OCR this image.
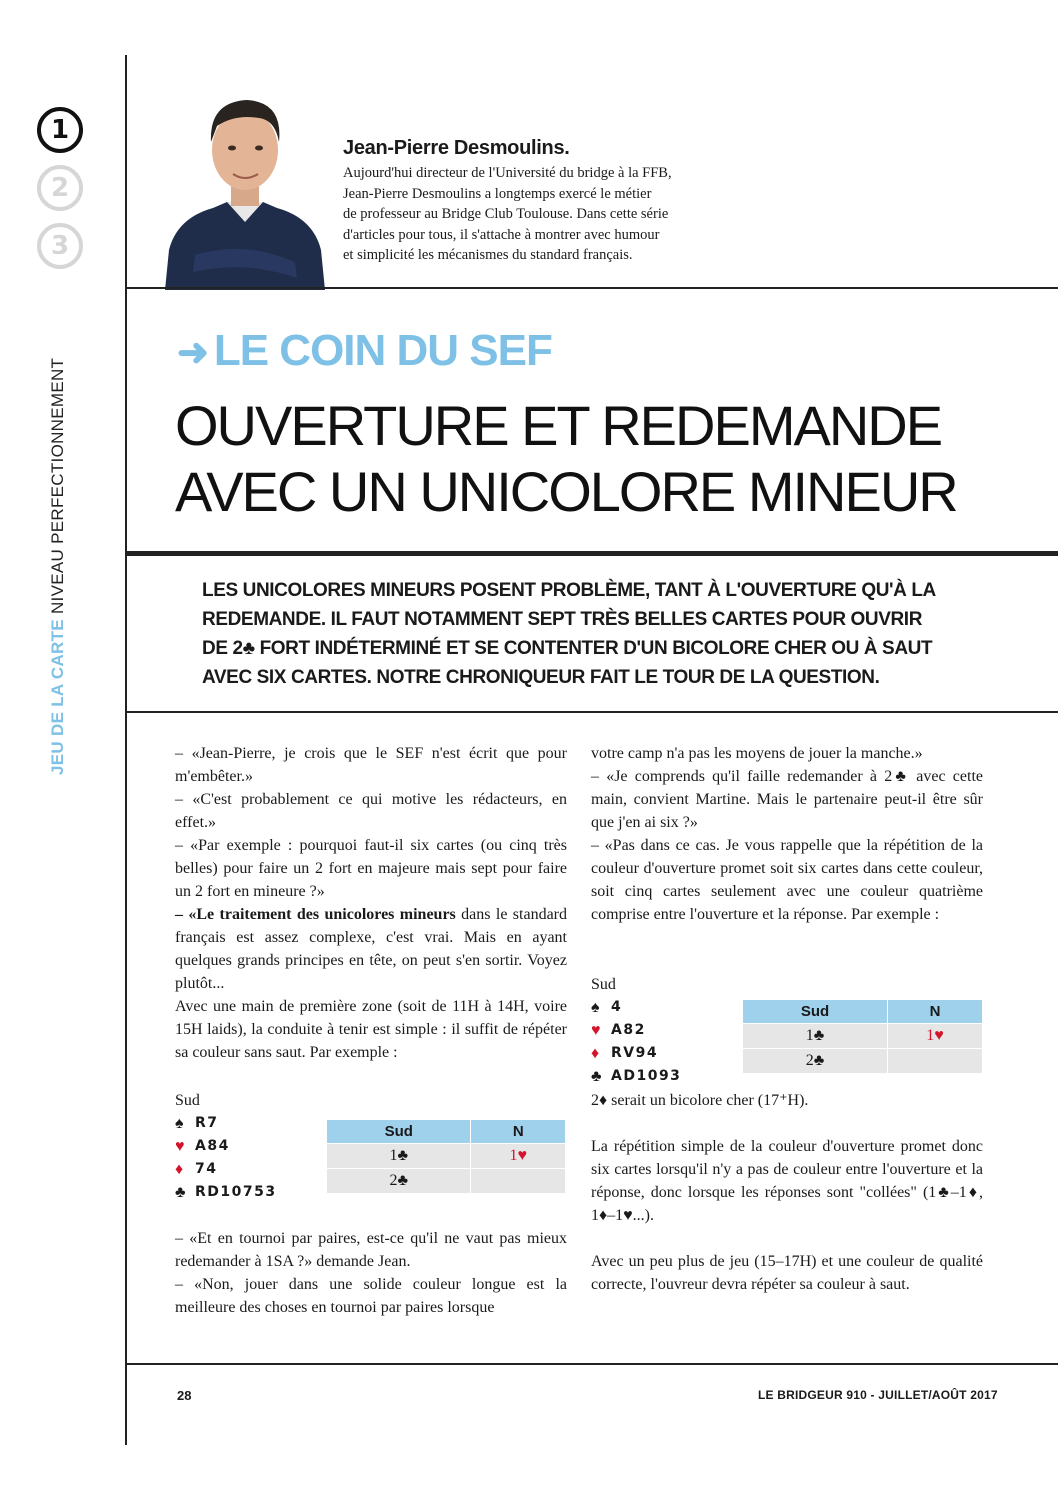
1
2
3
JEU DE LA CARTE NIVEAU PERFECTIONNEMENT
Jean-Pierre Desmoulins.
Aujourd'hui directeur de l'Université du bridge à la FFB,
Jean-Pierre Desmoulins a longtemps exercé le métier
de professeur au Bridge Club Toulouse. Dans cette série
d'articles pour tous, il s'attache à montrer avec humour
et simplicité les mécanismes du standard français.
➜ LE COIN DU SEF
OUVERTURE ET REDEMANDE
AVEC UN UNICOLORE MINEUR
LES UNICOLORES MINEURS POSENT PROBLÈME, TANT À L'OUVERTURE QU'À LA
REDEMANDE. IL FAUT NOTAMMENT SEPT TRÈS BELLES CARTES POUR OUVRIR
DE 2♣ FORT INDÉTERMINÉ ET SE CONTENTER D'UN BICOLORE CHER OU À SAUT
AVEC SIX CARTES. NOTRE CHRONIQUEUR FAIT LE TOUR DE LA QUESTION.

– «Jean-Pierre, je crois que le SEF n'est écrit que pour m'embêter.»

– «C'est probablement ce qui motive les rédacteurs, en effet.»

– «Par exemple : pourquoi faut-il six cartes (ou cinq très belles) pour faire un 2 fort en majeure mais sept pour faire un 2 fort en mineure ?»

– «Le traitement des unicolores mineurs dans le standard français est assez complexe, c'est vrai. Mais en ayant quelques grands principes en tête, on peut s'en sortir. Voyez plutôt...

Avec une main de première zone (soit de 11H à 14H, voire 15H laids), la conduite à tenir est simple : il suffit de répéter sa couleur sans saut. Par exemple :

Sud
♠ R7
♥ A84
♦ 74
♣ RD10753
Sud	N
1♣	1♥
2♣	

– «Et en tournoi par paires, est-ce qu'il ne vaut pas mieux redemander à 1SA ?» demande Jean.

– «Non, jouer dans une solide couleur longue est la meilleure des choses en tournoi par paires lorsque

votre camp n'a pas les moyens de jouer la manche.»

– «Je comprends qu'il faille redemander à 2♣ avec cette main, convient Martine. Mais le partenaire peut-il être sûr que j'en ai six ?»

– «Pas dans ce cas. Je vous rappelle que la répétition de la couleur d'ouverture promet soit six cartes dans cette couleur, soit cinq cartes seulement avec une couleur quatrième comprise entre l'ouverture et la réponse. Par exemple :

Sud
♠ 4
♥ A82
♦ RV94
♣ AD1093
Sud	N
1♣	1♥
2♣	

2♦ serait un bicolore cher (17⁺H).

La répétition simple de la couleur d'ouverture promet donc six cartes lorsqu'il n'y a pas de couleur entre l'ouverture et la réponse, donc lorsque les réponses sont "collées" (1♣–1♦, 1♦–1♥...).

Avec un peu plus de jeu (15–17H) et une couleur de qualité correcte, l'ouvreur devra répéter sa couleur à saut.

28	LE BRIDGEUR 910 - JUILLET/AOÛT 2017
